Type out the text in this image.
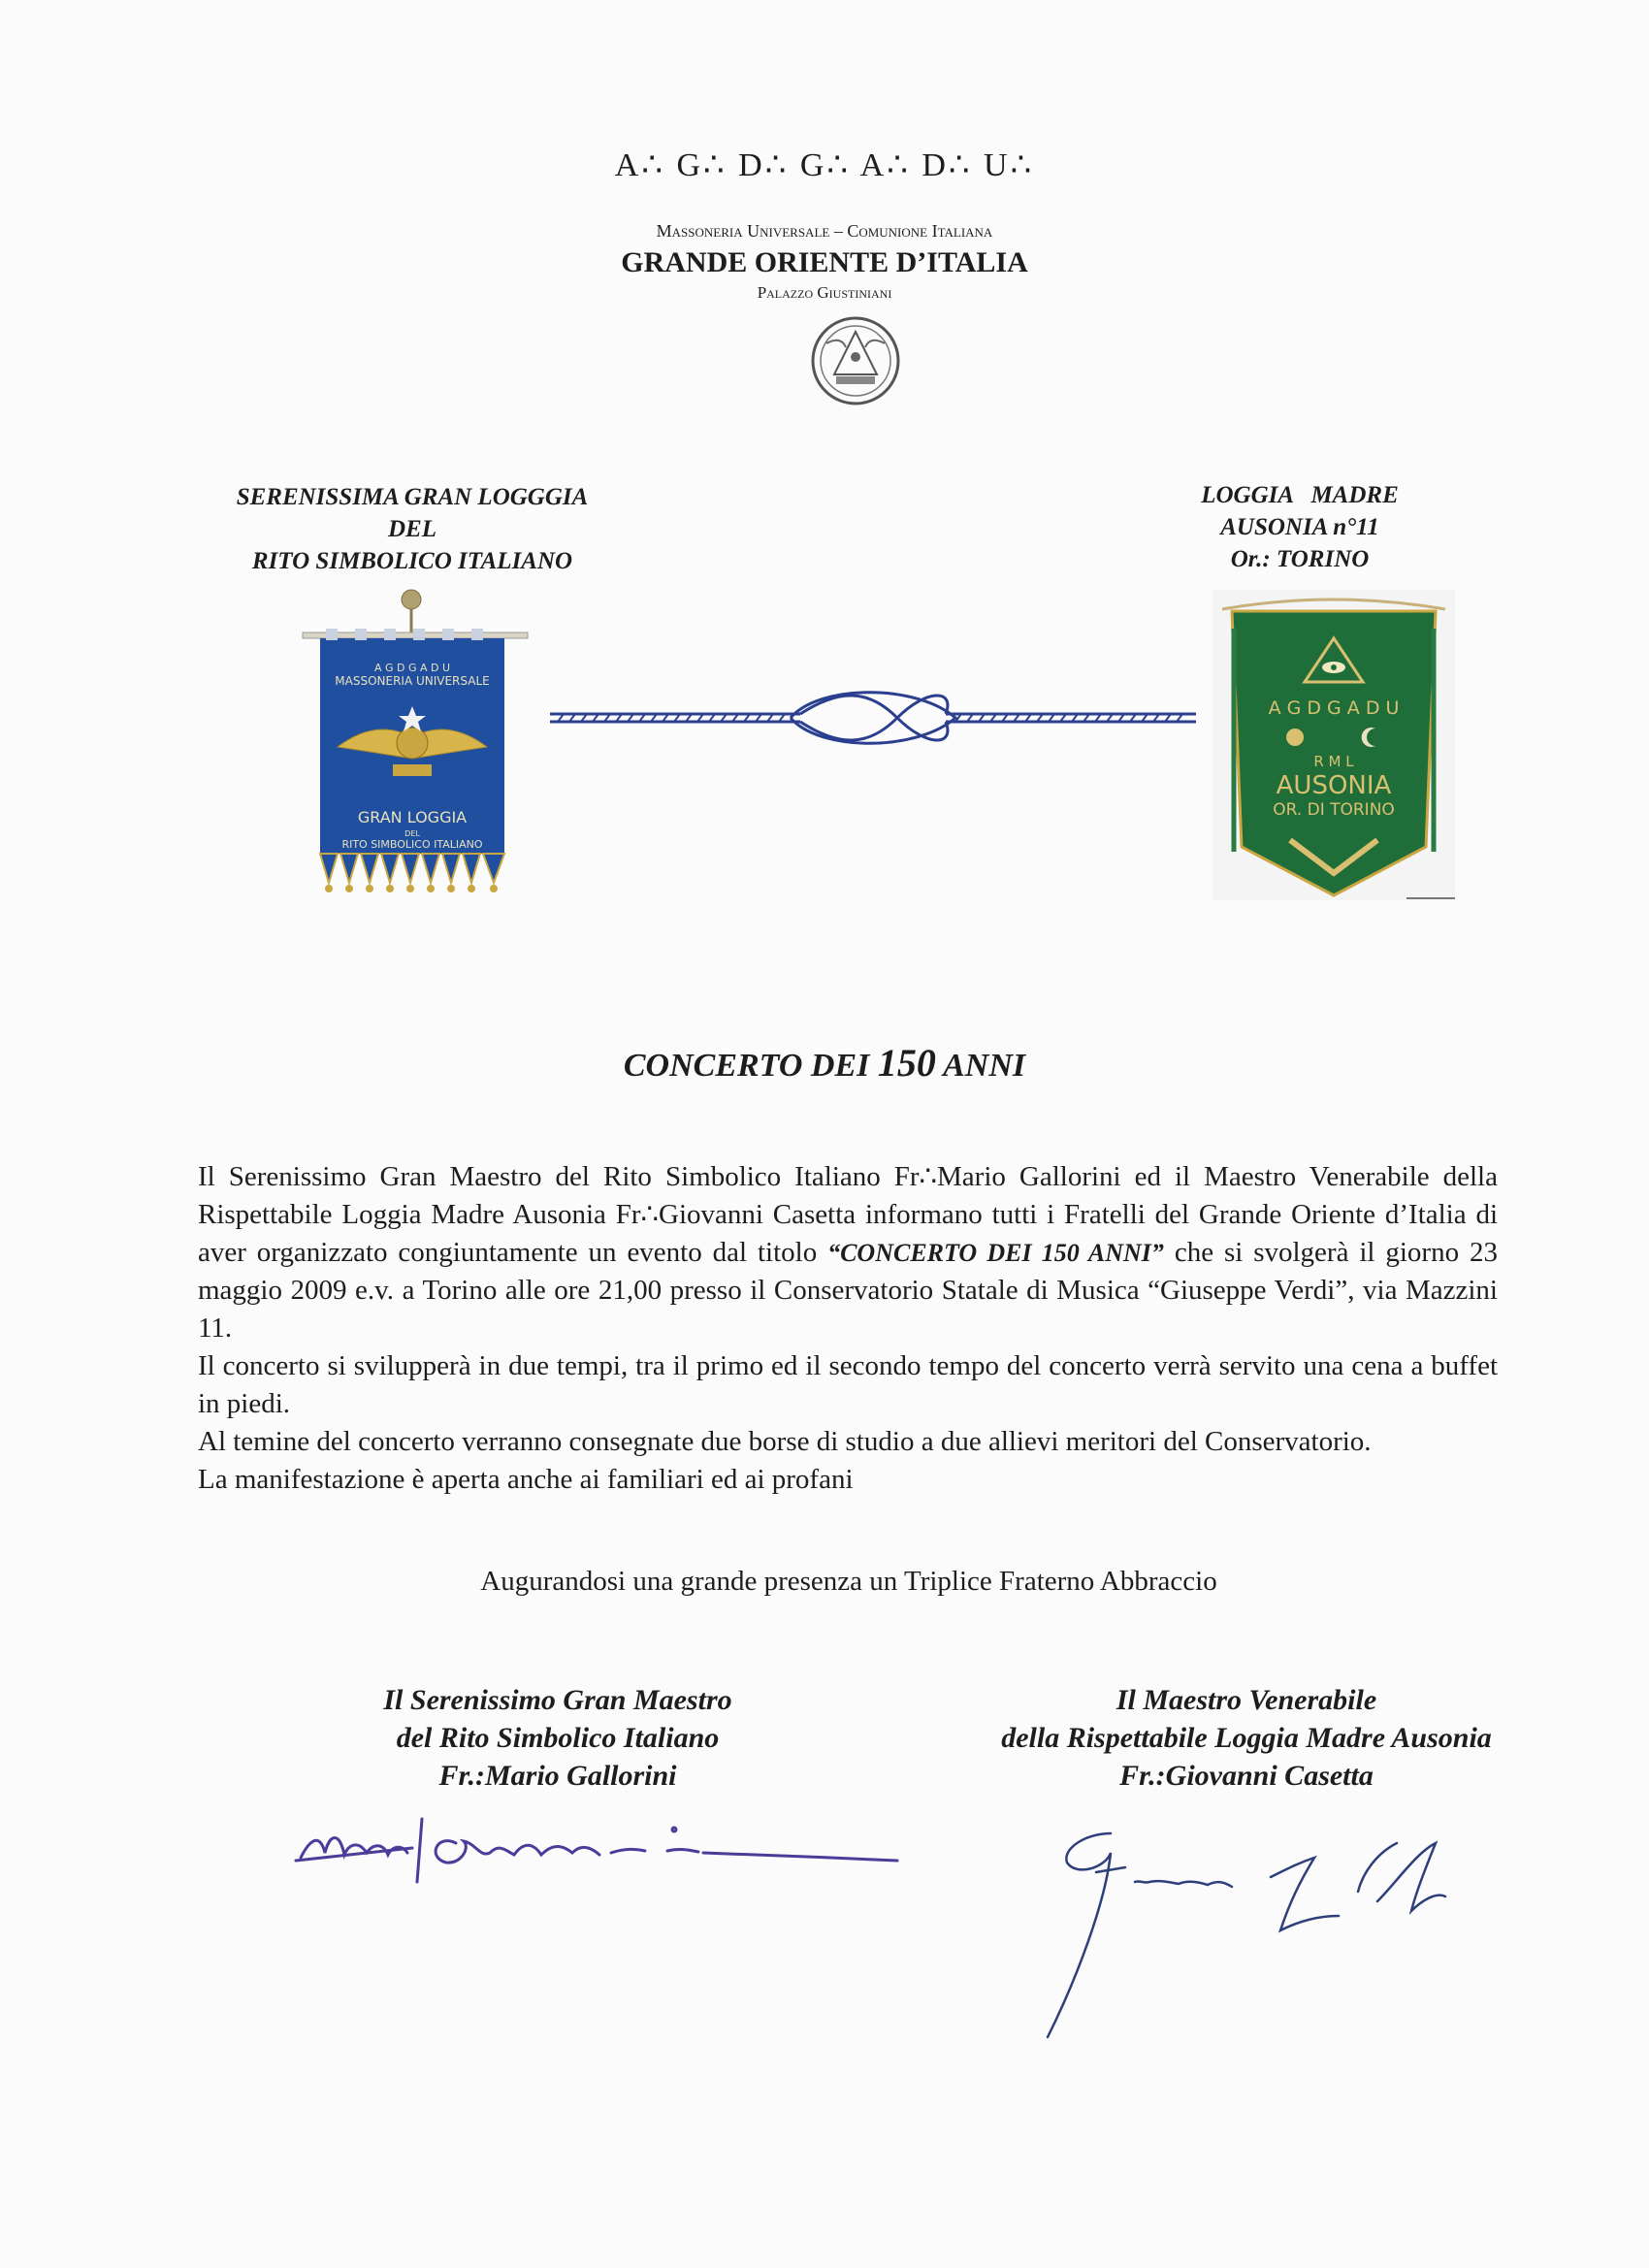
A∴ G∴ D∴ G∴ A∴ D∴ U∴
Massoneria Universale – Comunione Italiana
GRANDE ORIENTE D’ITALIA
Palazzo Giustiniani
SERENISSIMA GRAN LOGGGIA
DEL
RITO SIMBOLICO ITALIANO
LOGGIA   MADRE
AUSONIA n°11
Or.: TORINO
A G D G A D U
MASSONERIA UNIVERSALE
GRAN LOGGIA
DEL
RITO SIMBOLICO ITALIANO
A G D G A D U
R M L
AUSONIA
OR. DI TORINO
CONCERTO DEI 150 ANNI

Il Serenissimo Gran Maestro del Rito Simbolico Italiano Fr∴Mario Gallorini ed il Maestro Venerabile della Rispettabile Loggia Madre Ausonia Fr∴Giovanni Casetta informano tutti i Fratelli del Grande Oriente d’Italia di aver organizzato congiuntamente un evento dal titolo “CONCERTO DEI 150 ANNI” che si svolgerà il giorno 23 maggio 2009 e.v. a Torino alle ore 21,00 presso il Conservatorio Statale di Musica “Giuseppe Verdi”, via Mazzini 11.

Il concerto si svilupperà in due tempi, tra il primo ed il secondo tempo del concerto verrà servito una cena a buffet in piedi.

Al temine del concerto verranno consegnate due borse di studio a due allievi meritori del Conservatorio.

La manifestazione è aperta anche ai familiari ed ai profani

Augurandosi una grande presenza un Triplice Fraterno Abbraccio
Il Serenissimo Gran Maestro
del Rito Simbolico Italiano
Fr.:Mario Gallorini
Il Maestro Venerabile
della Rispettabile Loggia Madre Ausonia
Fr.:Giovanni Casetta
